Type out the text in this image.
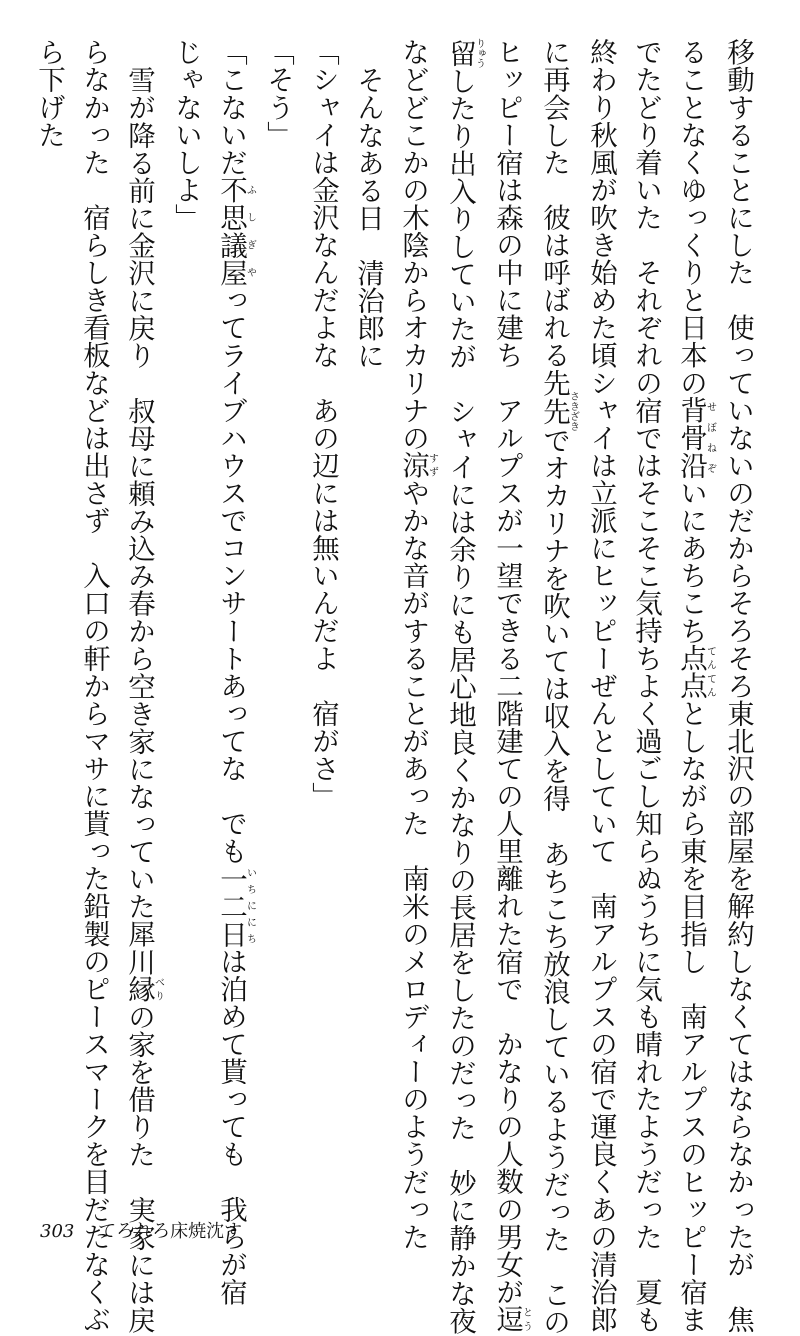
移動することにした　使っていないのだからそろそろ東北沢の部屋を解約しなくてはならなかったが　焦

ることなくゆっくりと日本の背骨沿せぼねぞいにあちこち点点てんてんとしながら東を目指し　南アルプスのヒッピー宿ま

でたどり着いた　それぞれの宿ではそこそこ気持ちよく過ごし知らぬうちに気も晴れたようだった　夏も

終わり秋風が吹き始めた頃シャイは立派にヒッピーぜんとしていて　南アルプスの宿で運良くあの清治郎

に再会した　彼は呼ばれる先先さきざきでオカリナを吹いては収入を得　あちこち放浪しているようだった　この

ヒッピー宿は森の中に建ち　アルプスが一望できる二階建ての人里離れた宿で　かなりの人数の男女が逗とう

留りゅうしたり出入りしていたが　シャイには余りにも居心地良くかなりの長居をしたのだった　妙に静かな夜

などどこかの木陰からオカリナの涼すずやかな音がすることがあった　南米のメロディーのようだった

そんなある日　清治郎に

「シャイは金沢なんだよな　あの辺には無いんだよ　宿がさ」

「そう」

「こないだ不思議屋ふしぎやってライブハウスでコンサートあってな　でも一二日いちににちは泊めて貰っても　我らが宿

じゃないしよ」

雪が降る前に金沢に戻り　叔母に頼み込み春から空き家になっていた犀川縁べりの家を借りた　実家には戻

らなかった　宿らしき看板などは出さず　入口の軒からマサに貰った鉛製のピースマークを目だたなくぶ

ら下げた

303 てろれろ床焼沈す
